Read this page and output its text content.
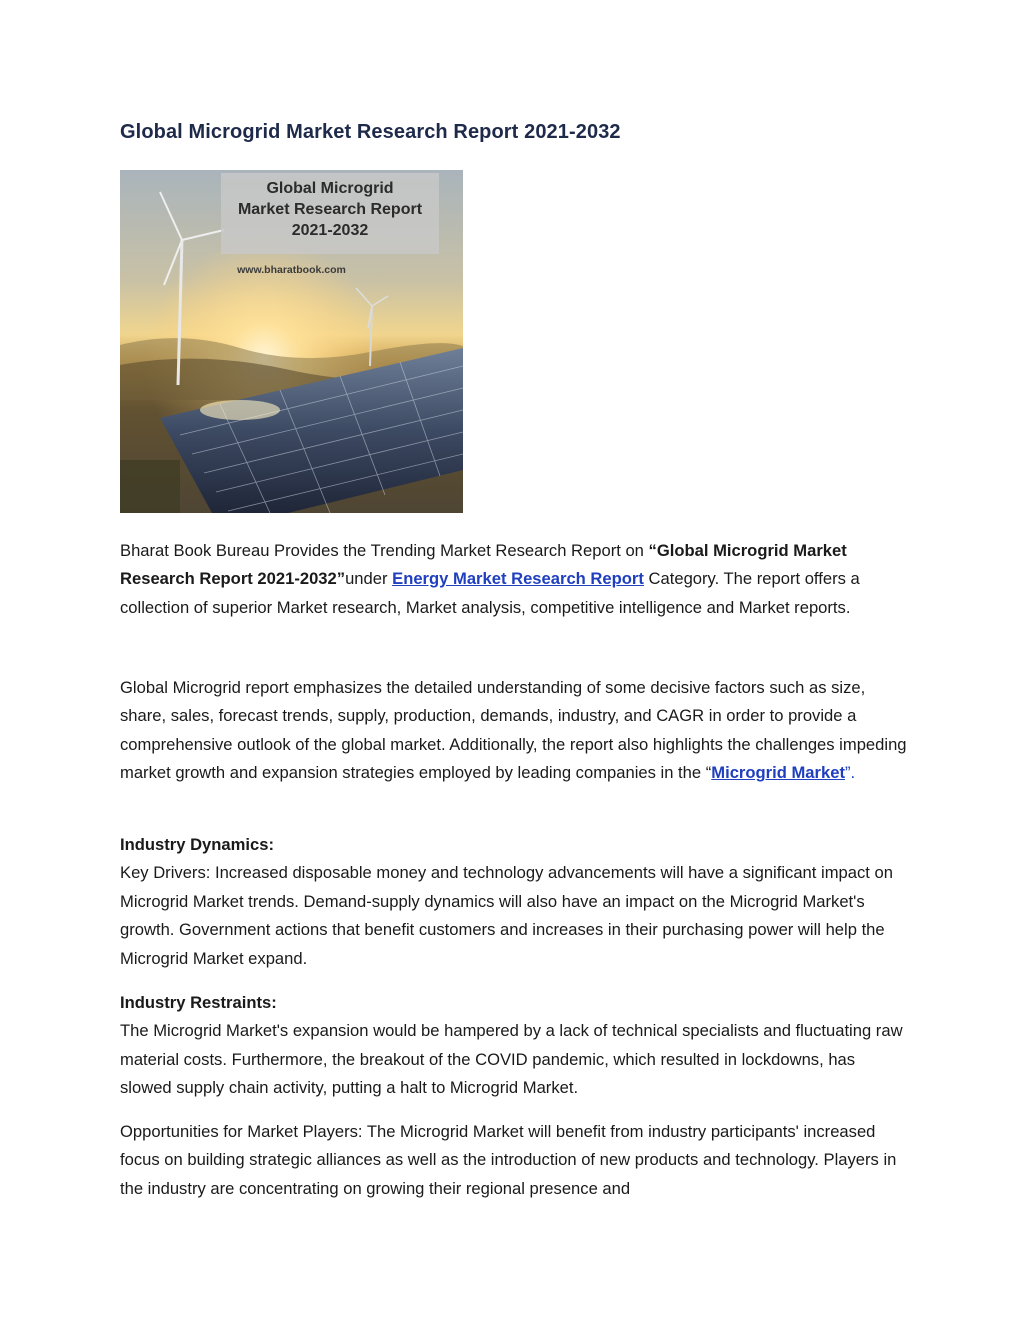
Global Microgrid Market Research Report 2021-2032
Global Microgrid
Market Research Report
2021-2032
www.bharatbook.com

Bharat Book Bureau Provides the Trending Market Research Report on “Global Microgrid Market Research Report 2021-2032”under Energy Market Research Report Category. The report offers a collection of superior Market research, Market analysis, competitive intelligence and Market reports.

Global Microgrid report emphasizes the detailed understanding of some decisive factors such as size, share, sales, forecast trends, supply, production, demands, industry, and CAGR in order to provide a comprehensive outlook of the global market. Additionally, the report also highlights the challenges impeding market growth and expansion strategies employed by leading companies in the “Microgrid Market”.

Industry Dynamics:
Key Drivers: Increased disposable money and technology advancements will have a significant impact on Microgrid Market trends. Demand-supply dynamics will also have an impact on the Microgrid Market's growth. Government actions that benefit customers and increases in their purchasing power will help the Microgrid Market expand.

Industry Restraints:
The Microgrid Market's expansion would be hampered by a lack of technical specialists and fluctuating raw material costs. Furthermore, the breakout of the COVID pandemic, which resulted in lockdowns, has slowed supply chain activity, putting a halt to Microgrid Market.

Opportunities for Market Players: The Microgrid Market will benefit from industry participants' increased focus on building strategic alliances as well as the introduction of new products and technology. Players in the industry are concentrating on growing their regional presence and
